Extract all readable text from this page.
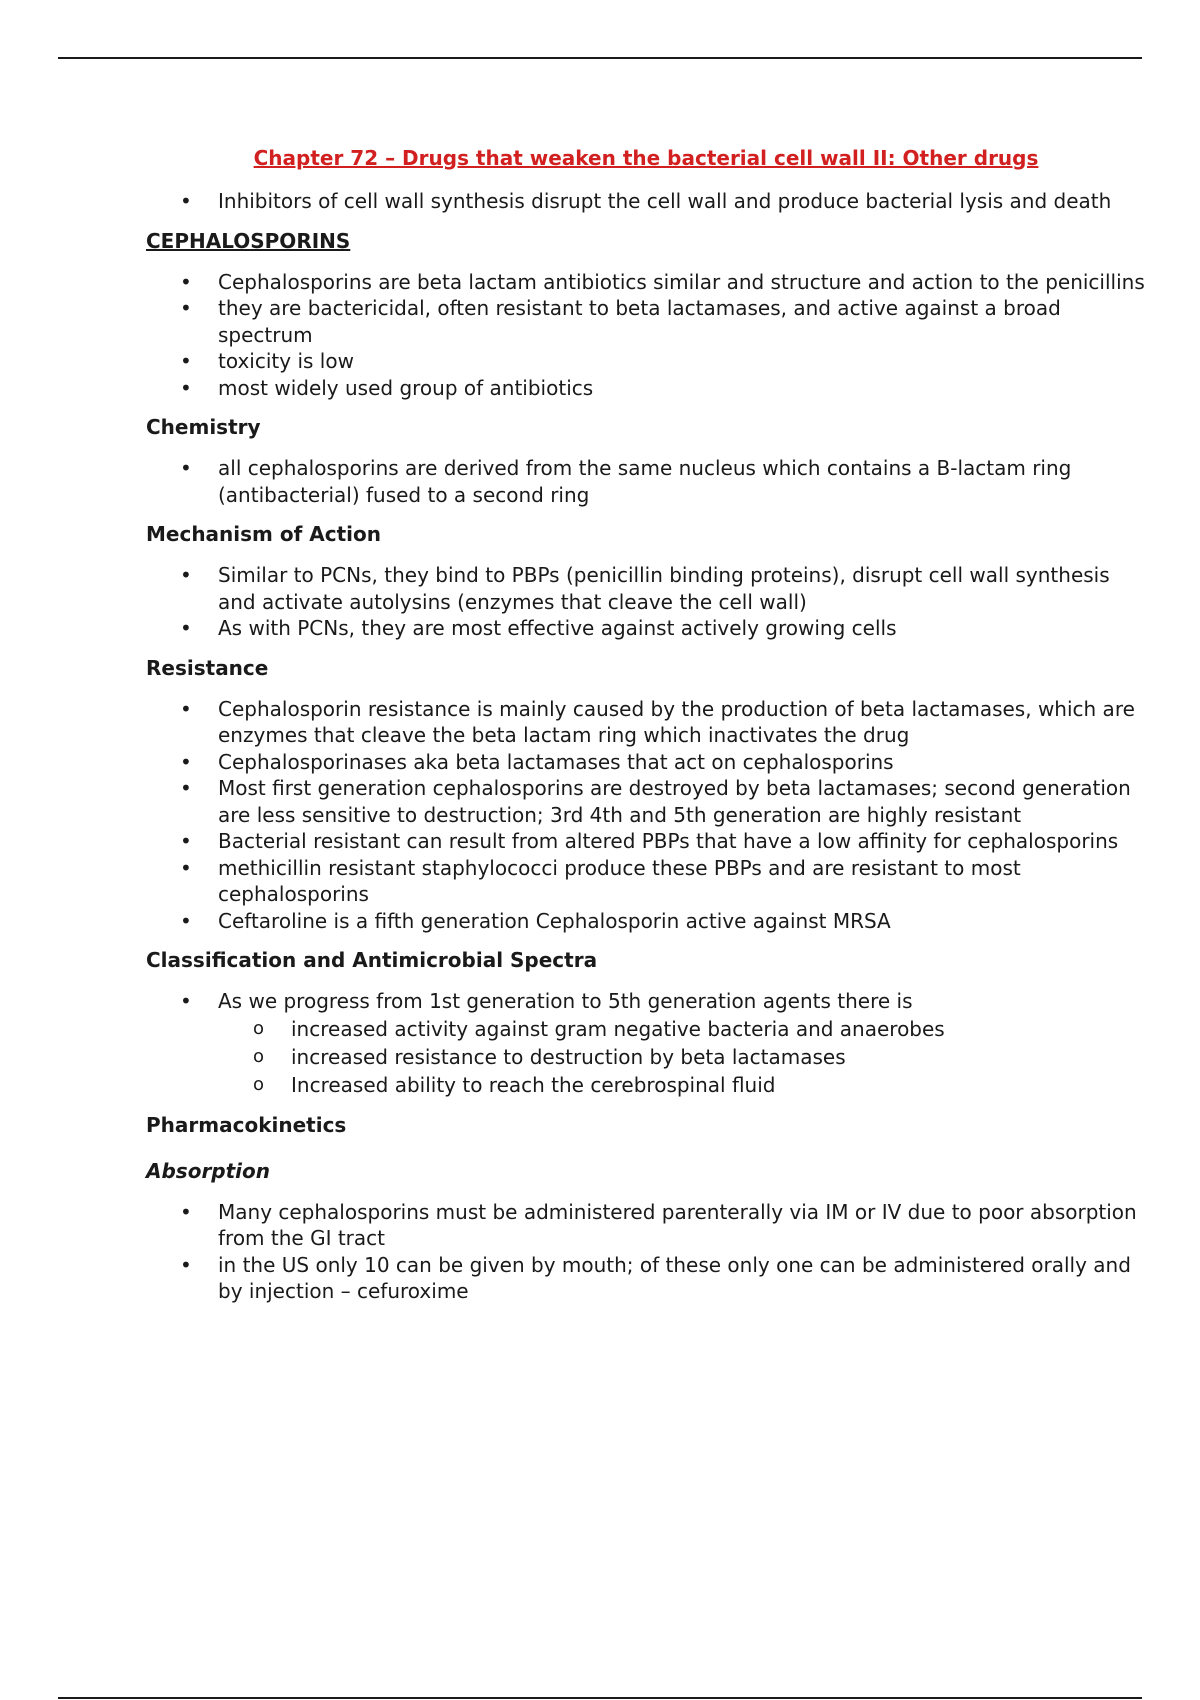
Chapter 72 – Drugs that weaken the bacterial cell wall II: Other drugs
• Inhibitors of cell wall synthesis disrupt the cell wall and produce bacterial lysis and death
CEPHALOSPORINS
• Cephalosporins are beta lactam antibiotics similar and structure and action to the penicillins
• they are bactericidal, often resistant to beta lactamases, and active against a broad spectrum
• toxicity is low
• most widely used group of antibiotics
Chemistry
• all cephalosporins are derived from the same nucleus which contains a B-lactam ring (antibacterial) fused to a second ring
Mechanism of Action
• Similar to PCNs, they bind to PBPs (penicillin binding proteins), disrupt cell wall synthesis and activate autolysins (enzymes that cleave the cell wall)
• As with PCNs, they are most effective against actively growing cells
Resistance
• Cephalosporin resistance is mainly caused by the production of beta lactamases, which are enzymes that cleave the beta lactam ring which inactivates the drug
• Cephalosporinases aka beta lactamases that act on cephalosporins
• Most first generation cephalosporins are destroyed by beta lactamases; second generation are less sensitive to destruction; 3rd 4th and 5th generation are highly resistant
• Bacterial resistant can result from altered PBPs that have a low affinity for cephalosporins
• methicillin resistant staphylococci produce these PBPs and are resistant to most cephalosporins
• Ceftaroline is a fifth generation Cephalosporin active against MRSA
Classification and Antimicrobial Spectra
• As we progress from 1st generation to 5th generation agents there is
o increased activity against gram negative bacteria and anaerobes
o increased resistance to destruction by beta lactamases
o Increased ability to reach the cerebrospinal fluid
Pharmacokinetics
Absorption
• Many cephalosporins must be administered parenterally via IM or IV due to poor absorption from the GI tract
• in the US only 10 can be given by mouth; of these only one can be administered orally and by injection – cefuroxime
